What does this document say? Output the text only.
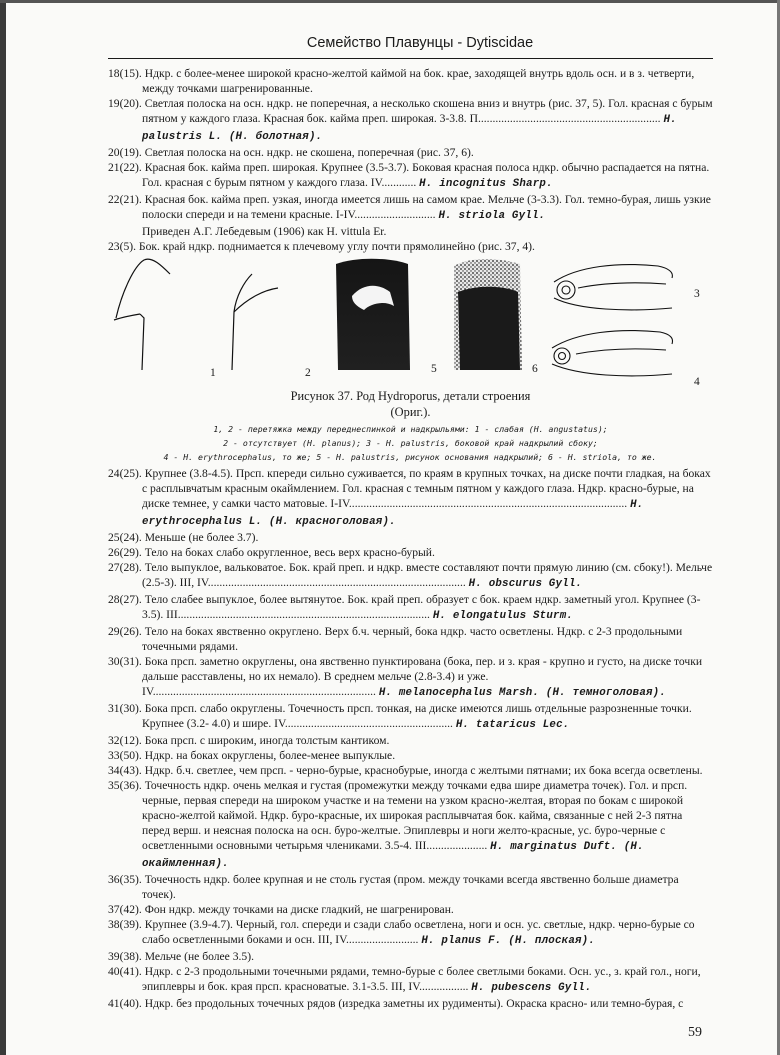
Семейство Плавунцы - Dytiscidae

18(15). Ндкр. с более-менее широкой красно-желтой каймой на бок. крае, заходящей внутрь вдоль осн. и в з. четверти, между точками шагренированные.

19(20). Светлая полоска на осн. ндкр. не поперечная, а несколько скошена вниз и внутрь (рис. 37, 5). Гол. красная с бурым пятном у каждого глаза. Красная бок. кайма преп. широкая. 3-3.8. П............................................................... H. palustris L. (H. болотная).

20(19). Светлая полоска на осн. ндкр. не скошена, поперечная (рис. 37, 6).

21(22). Красная бок. кайма преп. широкая. Крупнее (3.5-3.7). Боковая красная полоса ндкр. обычно распадается на пятна. Гол. красная с бурым пятном у каждого глаза. IV............ H. incognitus Sharp.

22(21). Красная бок. кайма преп. узкая, иногда имеется лишь на самом крае. Мельче (3-3.3). Гол. темно-бурая, лишь узкие полоски спереди и на темени красные. I-IV............................ H. striola Gyll.

Приведен А.Г. Лебедевым (1906) как H. vittula Er.

23(5). Бок. край ндкр. поднимается к плечевому углу почти прямолинейно (рис. 37, 4).

1	2	5	6
3
4
Рисунок 37. Род Hydroporus, детали строения
(Ориг.).
1, 2 - перетяжка между переднеспинкой и надкрыльями: 1 - слабая (H. angustatus);
2 - отсутствует (H. planus); 3 - H. palustris, боковой край надкрылий сбоку;
4 - H. erythrocephalus, то же; 5 - H. palustris, рисунок основания надкрылий; 6 - H. striola, то же.

24(25). Крупнее (3.8-4.5). Прсп. кпереди сильно суживается, по краям в крупных точках, на диске почти гладкая, на боках с расплывчатым красным окаймлением. Гол. красная с темным пятном у каждого глаза. Ндкр. красно-бурые, на диске темнее, у самки часто матовые. I-IV................................................................................................ H. erythrocephalus L. (H. красноголовая).

25(24). Меньше (не более 3.7).

26(29). Тело на боках слабо округленное, весь верх красно-бурый.

27(28). Тело выпуклое, вальковатое. Бок. край преп. и ндкр. вместе составляют почти прямую линию (см. сбоку!). Мельче (2.5-3). III, IV......................................................................................... H. obscurus Gyll.

28(27). Тело слабее выпуклое, более вытянутое. Бок. край преп. образует с бок. краем ндкр. заметный угол. Крупнее (3-3.5). III....................................................................................... H. elongatulus Sturm.

29(26). Тело на боках явственно округлено. Верх б.ч. черный, бока ндкр. часто осветлены. Ндкр. с 2-3 продольными точечными рядами.

30(31). Бока прсп. заметно округлены, она явственно пунктирована (бока, пер. и з. края - крупно и густо, на диске точки дальше расставлены, но их немало). В среднем мельче (2.8-3.4) и уже. IV............................................................................. H. melanocephalus Marsh. (H. темноголовая).

31(30). Бока прсп. слабо округлены. Точечность прсп. тонкая, на диске имеются лишь отдельные разрозненные точки. Крупнее (3.2- 4.0) и шире. IV.......................................................... H. tataricus Lec.

32(12). Бока прсп. с широким, иногда толстым кантиком.

33(50). Ндкр. на боках округлены, более-менее выпуклые.

34(43). Ндкр. б.ч. светлее, чем прсп. - черно-бурые, краснобурые, иногда с желтыми пятнами; их бока всегда осветлены.

35(36). Точечность ндкр. очень мелкая и густая (промежутки между точками едва шире диаметра точек). Гол. и прсп. черные, первая спереди на широком участке и на темени на узком красно-желтая, вторая по бокам с широкой красно-желтой каймой. Ндкр. буро-красные, их широкая расплывчатая бок. кайма, связанные с ней 2-3 пятна перед верш. и неясная полоска на осн. буро-желтые. Эпиплевры и ноги желто-красные, ус. буро-черные с осветленными основными четырьмя члениками. 3.5-4. III..................... H. marginatus Duft. (H. окаймленная).

36(35). Точечность ндкр. более крупная и не столь густая (пром. между точками всегда явственно больше диаметра точек).

37(42). Фон ндкр. между точками на диске гладкий, не шагренирован.

38(39). Крупнее (3.9-4.7). Черный, гол. спереди и сзади слабо осветлена, ноги и осн. ус. светлые, ндкр. черно-бурые со слабо осветленными боками и осн. III, IV......................... H. planus F. (H. плоская).

39(38). Мельче (не более 3.5).

40(41). Ндкр. с 2-3 продольными точечными рядами, темно-бурые с более светлыми боками. Осн. ус., з. край гол., ноги, эпиплевры и бок. края прсп. красноватые. 3.1-3.5. III, IV................. H. pubescens Gyll.

41(40). Ндкр. без продольных точечных рядов (изредка заметны их рудименты). Окраска красно- или темно-бурая, с

59
